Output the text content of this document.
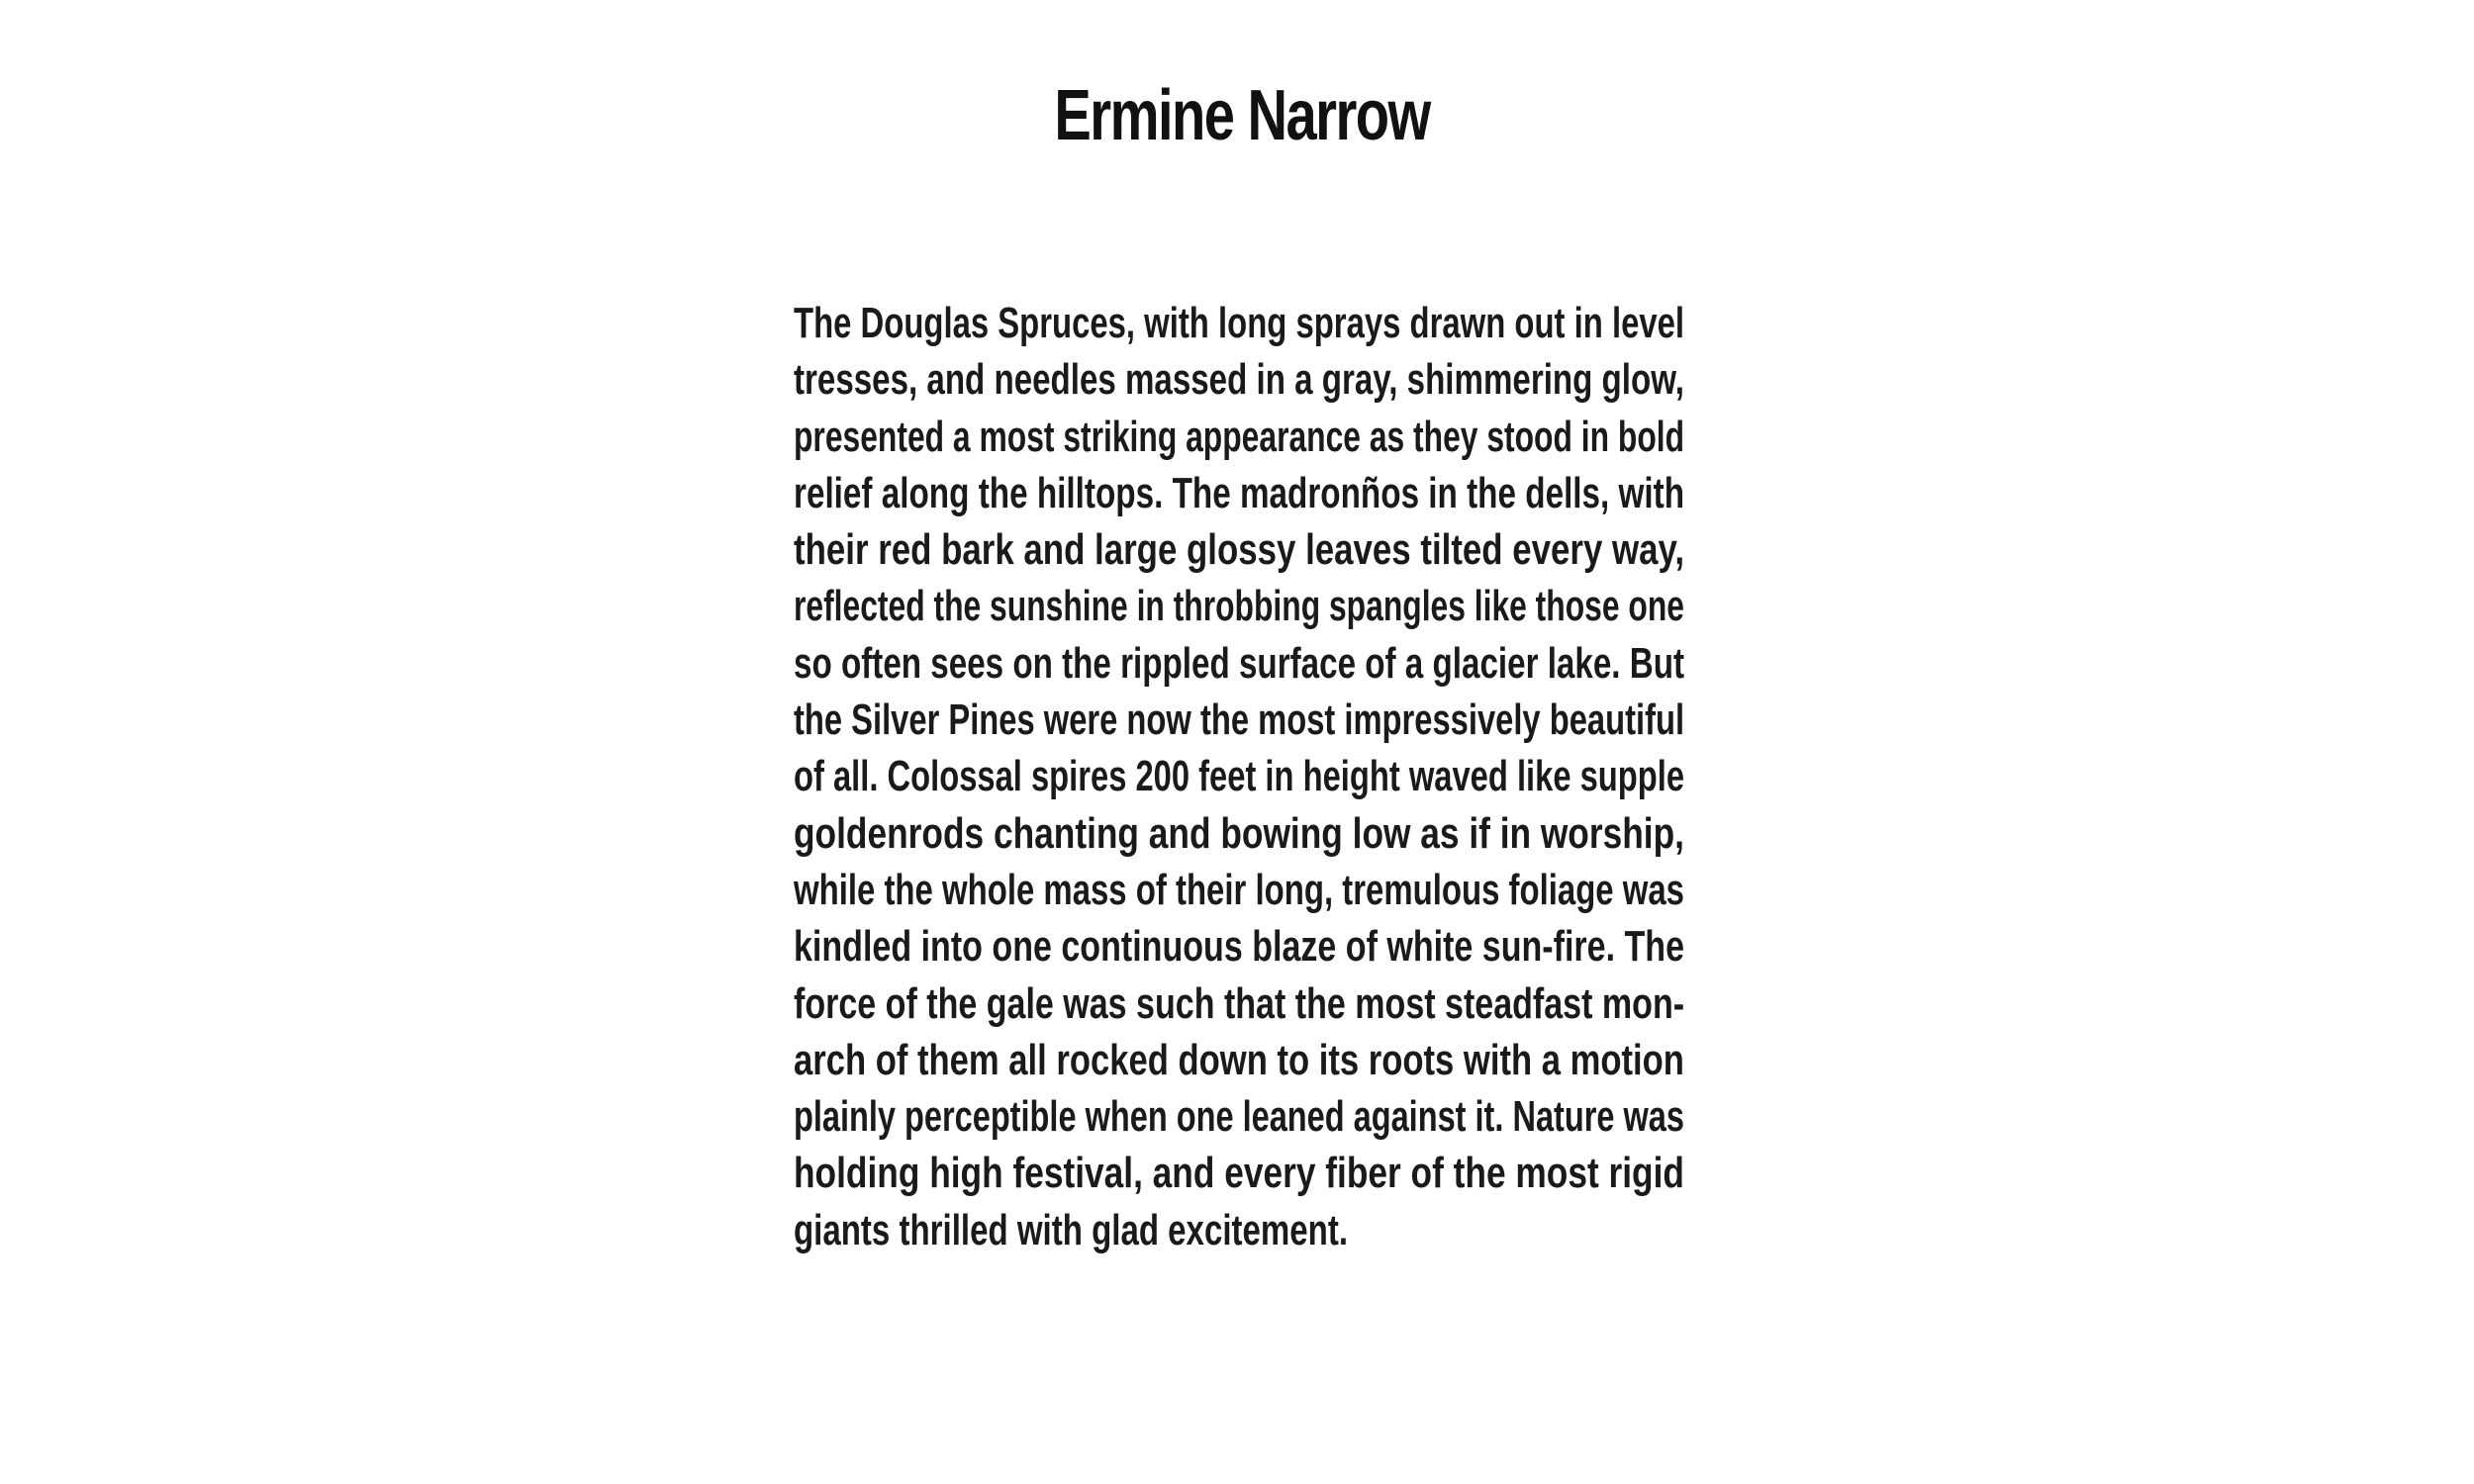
Ermine Narrow
The Douglas Spruces, with long sprays drawn out in level
tresses, and needles massed in a gray, shimmering glow,
presented a most striking appearance as they stood in bold
relief along the hilltops. The madronños in the dells, with
their red bark and large glossy leaves tilted every way,
reflected the sunshine in throbbing spangles like those one
so often sees on the rippled surface of a glacier lake. But
the Silver Pines were now the most impressively beautiful
of all. Colossal spires 200 feet in height waved like supple
goldenrods chanting and bowing low as if in worship,
while the whole mass of their long, tremulous foliage was
kindled into one continuous blaze of white sun-fire. The
force of the gale was such that the most steadfast mon-
arch of them all rocked down to its roots with a motion
plainly perceptible when one leaned against it. Nature was
holding high festival, and every fiber of the most rigid
giants thrilled with glad excitement.
